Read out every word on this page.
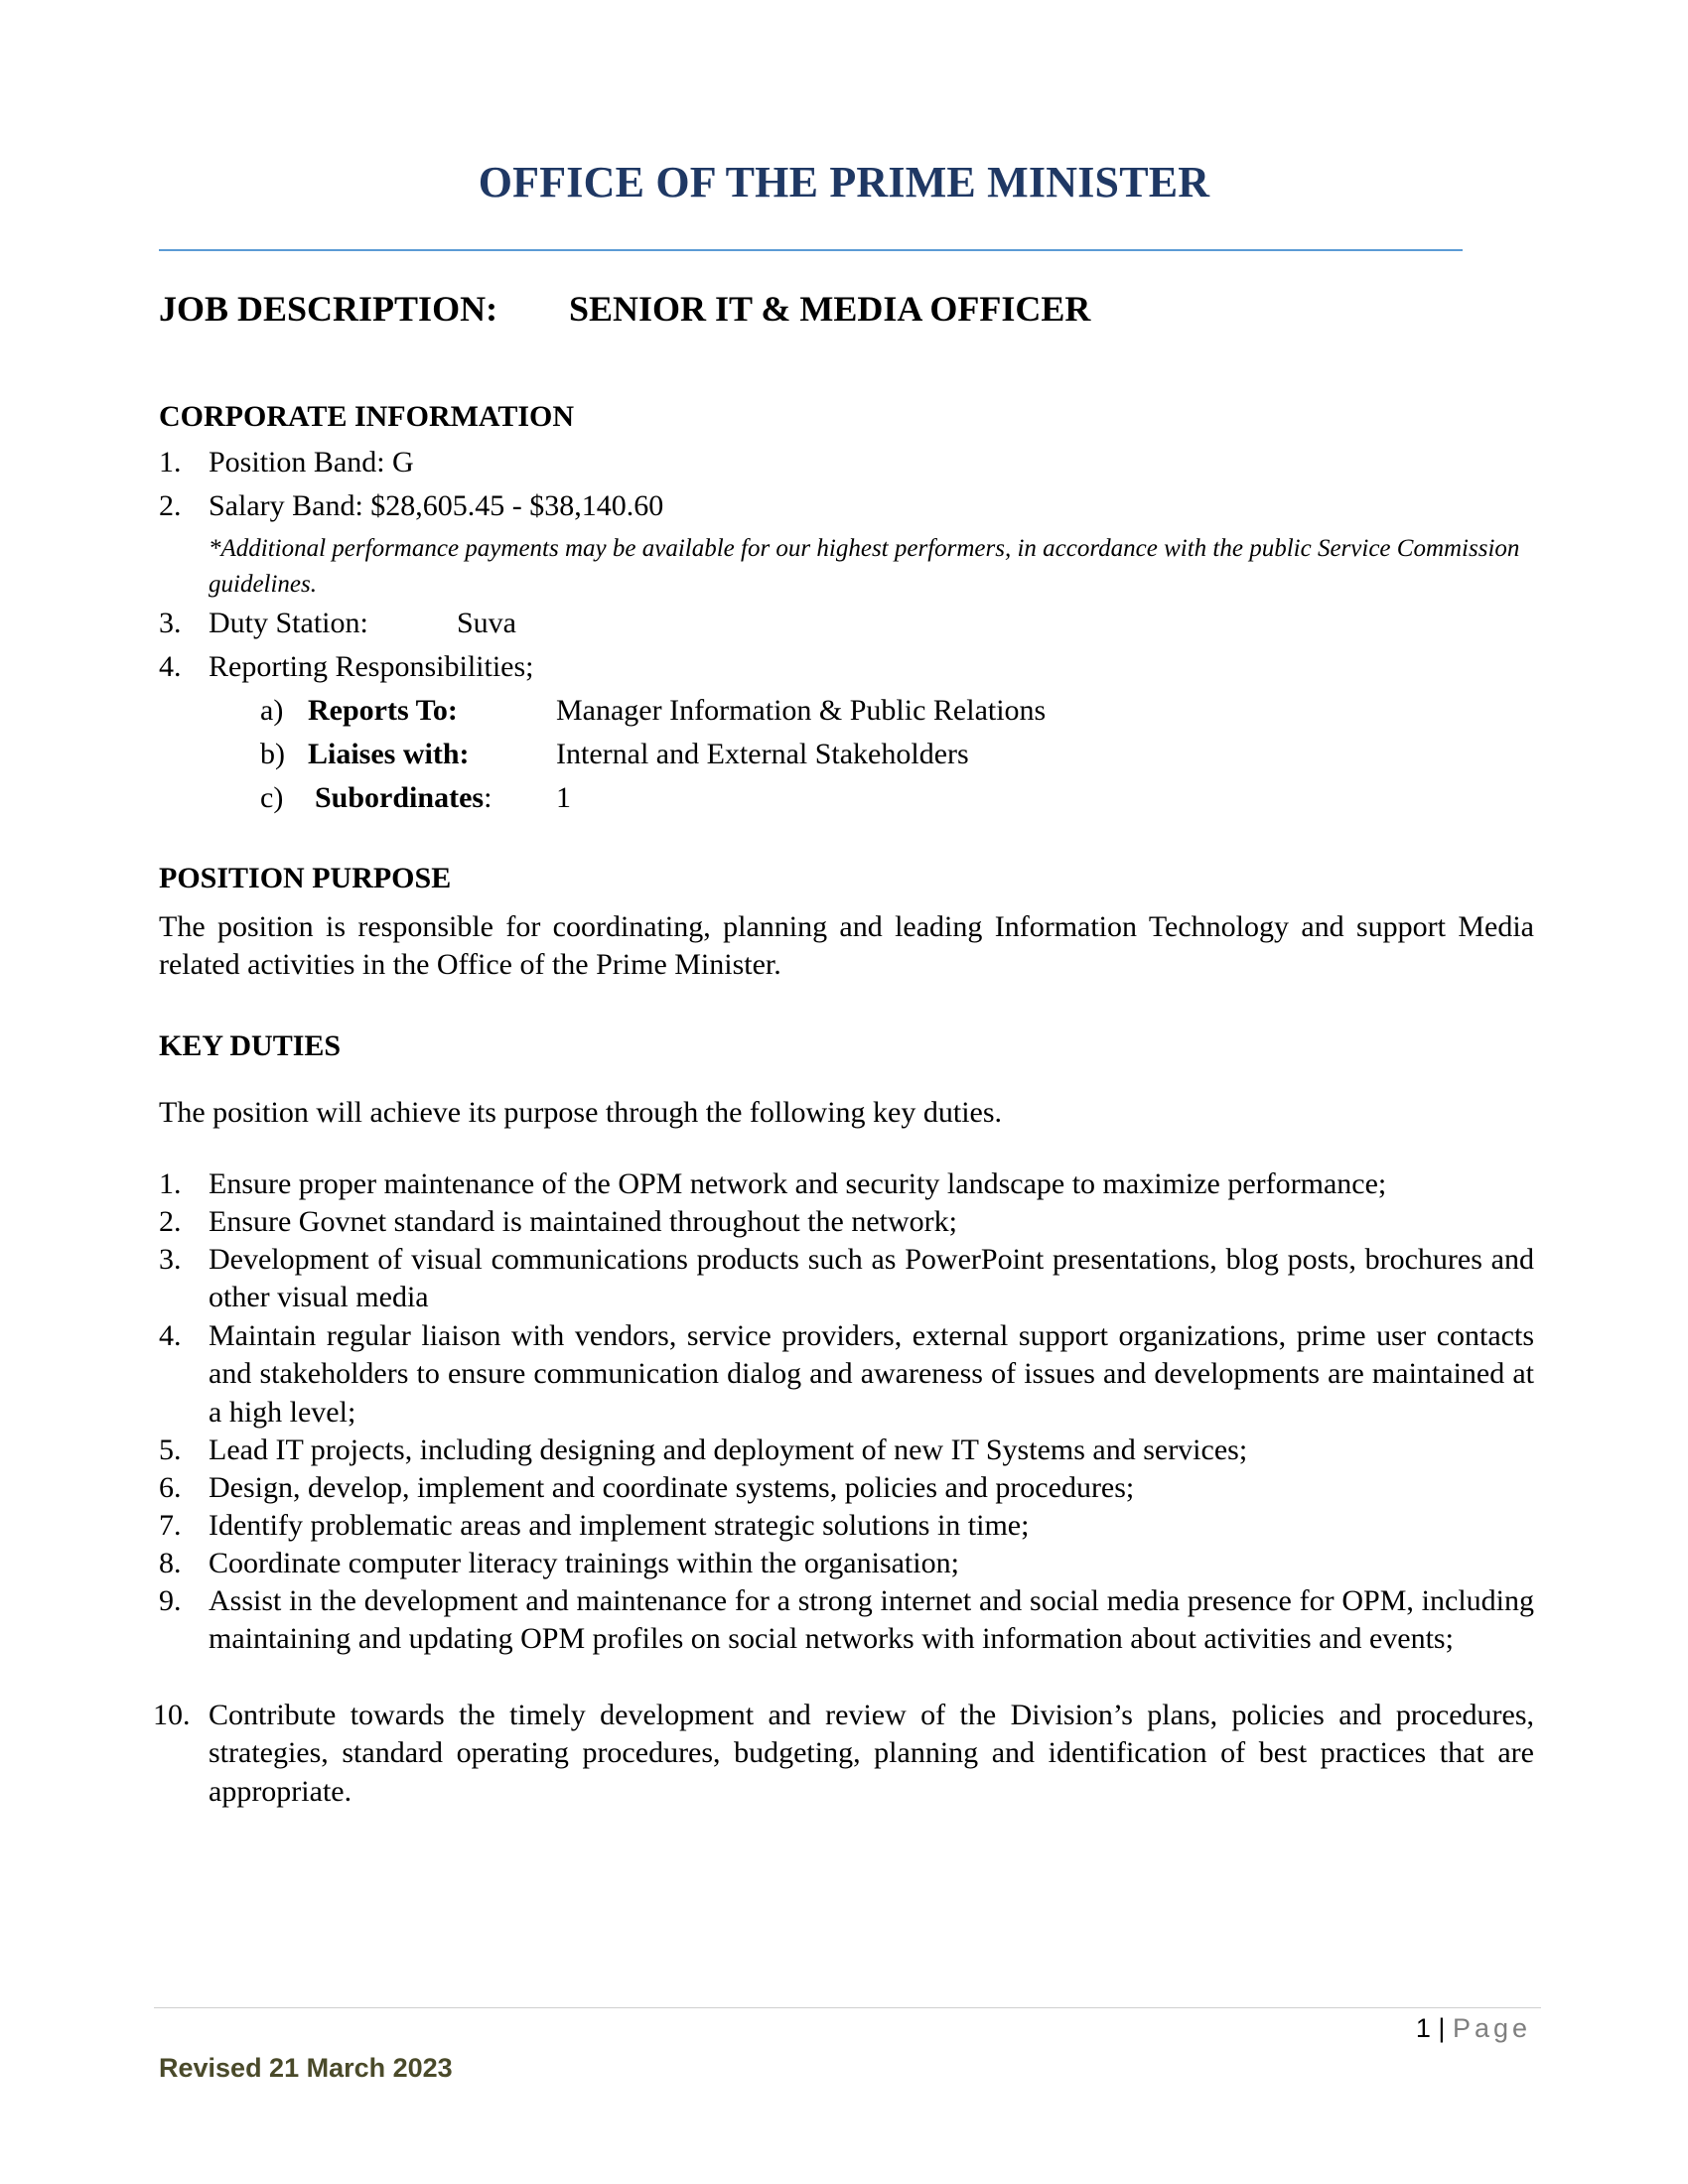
OFFICE OF THE PRIME MINISTER
JOB DESCRIPTION: SENIOR IT & MEDIA OFFICER
CORPORATE INFORMATION
1. Position Band: G
2. Salary Band: $28,605.45 - $38,140.60
*Additional performance payments may be available for our highest performers, in accordance with the public Service Commission guidelines.
3. Duty Station:	Suva
4. Reporting Responsibilities;
a) Reports To:	Manager Information & Public Relations
b) Liaises with:	Internal and External Stakeholders
c) Subordinates: 1
POSITION PURPOSE

The position is responsible for coordinating, planning and leading Information Technology and support Media related activities in the Office of the Prime Minister.

KEY DUTIES

The position will achieve its purpose through the following key duties.

1. Ensure proper maintenance of the OPM network and security landscape to maximize performance;

2. Ensure Govnet standard is maintained throughout the network;

3. Development of visual communications products such as PowerPoint presentations, blog posts, brochures and other visual media

4. Maintain regular liaison with vendors, service providers, external support organizations, prime user contacts and stakeholders to ensure communication dialog and awareness of issues and developments are maintained at a high level;

5. Lead IT projects, including designing and deployment of new IT Systems and services;

6. Design, develop, implement and coordinate systems, policies and procedures;

7. Identify problematic areas and implement strategic solutions in time;

8. Coordinate computer literacy trainings within the organisation;

9. Assist in the development and maintenance for a strong internet and social media presence for OPM, including maintaining and updating OPM profiles on social networks with information about activities and events;

10. Contribute towards the timely development and review of the Division’s plans, policies and procedures, strategies, standard operating procedures, budgeting, planning and identification of best practices that are appropriate.

1 | Page
Revised 21 March 2023
